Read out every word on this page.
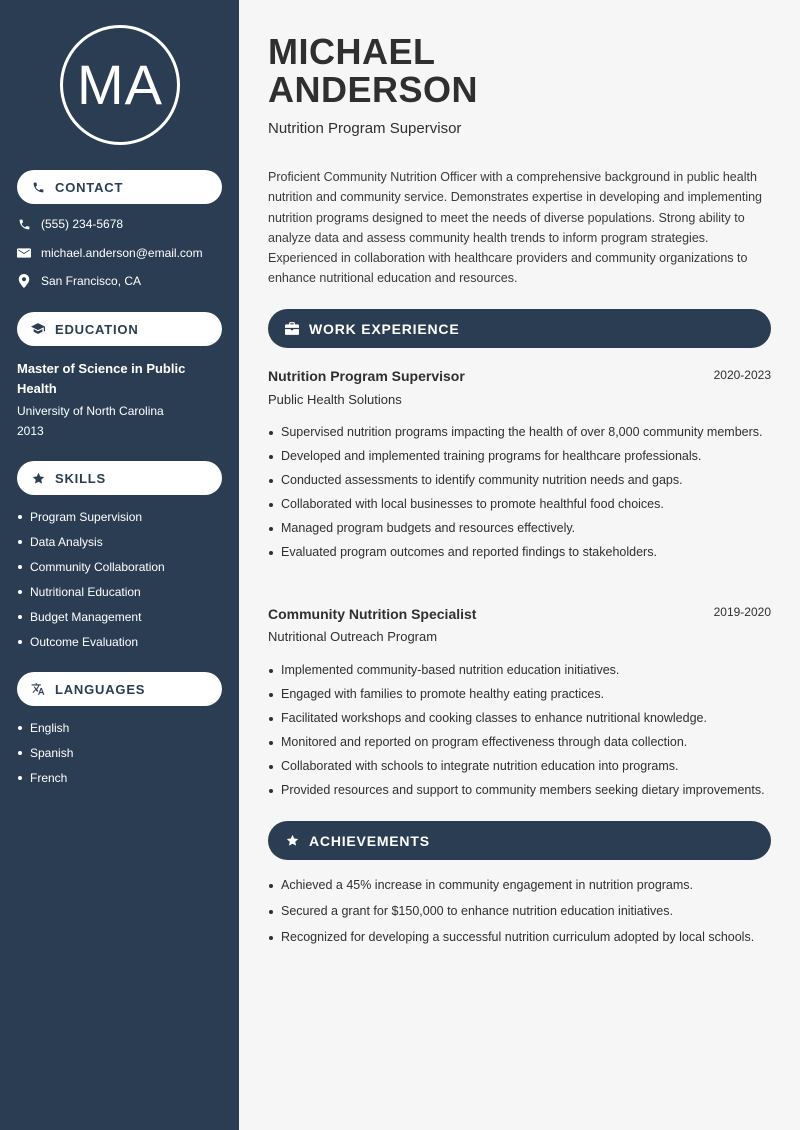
MA
CONTACT
(555) 234-5678
michael.anderson@email.com
San Francisco, CA
EDUCATION
Master of Science in Public Health
University of North Carolina
2013
SKILLS
Program Supervision
Data Analysis
Community Collaboration
Nutritional Education
Budget Management
Outcome Evaluation
LANGUAGES
English
Spanish
French
MICHAEL
ANDERSON
Nutrition Program Supervisor
Proficient Community Nutrition Officer with a comprehensive background in public health nutrition and community service. Demonstrates expertise in developing and implementing nutrition programs designed to meet the needs of diverse populations. Strong ability to analyze data and assess community health trends to inform program strategies. Experienced in collaboration with healthcare providers and community organizations to enhance nutritional education and resources.
WORK EXPERIENCE
Nutrition Program Supervisor	2020-2023
Public Health Solutions
Supervised nutrition programs impacting the health of over 8,000 community members.
Developed and implemented training programs for healthcare professionals.
Conducted assessments to identify community nutrition needs and gaps.
Collaborated with local businesses to promote healthful food choices.
Managed program budgets and resources effectively.
Evaluated program outcomes and reported findings to stakeholders.
Community Nutrition Specialist	2019-2020
Nutritional Outreach Program
Implemented community-based nutrition education initiatives.
Engaged with families to promote healthy eating practices.
Facilitated workshops and cooking classes to enhance nutritional knowledge.
Monitored and reported on program effectiveness through data collection.
Collaborated with schools to integrate nutrition education into programs.
Provided resources and support to community members seeking dietary improvements.
ACHIEVEMENTS
Achieved a 45% increase in community engagement in nutrition programs.
Secured a grant for $150,000 to enhance nutrition education initiatives.
Recognized for developing a successful nutrition curriculum adopted by local schools.
